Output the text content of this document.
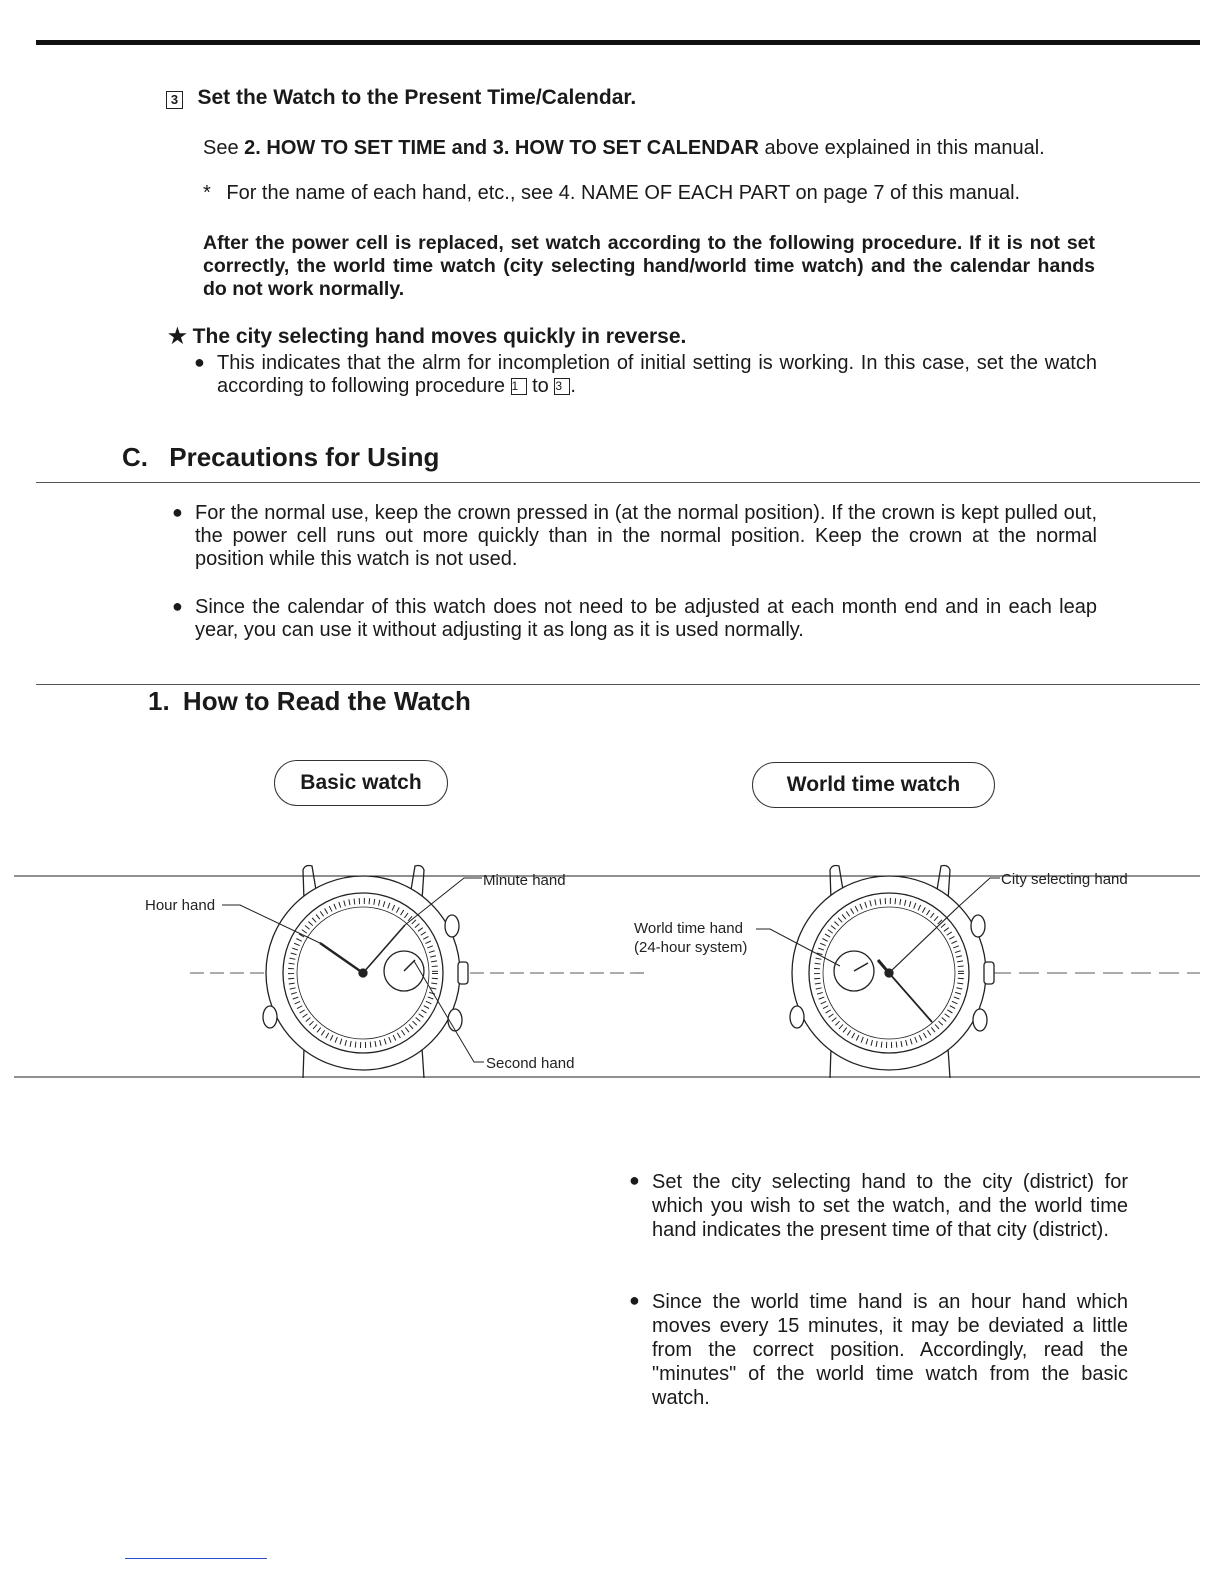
3 Set the Watch to the Present Time/Calendar.
See 2. HOW TO SET TIME and 3. HOW TO SET CALENDAR above explained in this manual.
* For the name of each hand, etc., see 4. NAME OF EACH PART on page 7 of this manual.
After the power cell is replaced, set watch according to the following procedure. If it is not set correctly, the world time watch (city selecting hand/world time watch) and the calendar hands do not work normally.
★ The city selecting hand moves quickly in reverse.
● This indicates that the alrm for incompletion of initial setting is working. In this case, set the watch according to following procedure 1 to 3 .
C. Precautions for Using
● For the normal use, keep the crown pressed in (at the normal position). If the crown is kept pulled out, the power cell runs out more quickly than in the normal position. Keep the crown at the normal position while this watch is not used.
● Since the calendar of this watch does not need to be adjusted at each month end and in each leap year, you can use it without adjusting it as long as it is used normally.
1. How to Read the Watch
Basic watch	World time watch
Hour hand
Minute hand
Second hand
World time hand
(24-hour system)
City selecting hand
● Set the city selecting hand to the city (district) for which you wish to set the watch, and the world time hand indicates the present time of that city (district).
● Since the world time hand is an hour hand which moves every 15 minutes, it may be deviated a little from the correct position. Accordingly, read the "minutes" of the world time watch from the basic watch.
